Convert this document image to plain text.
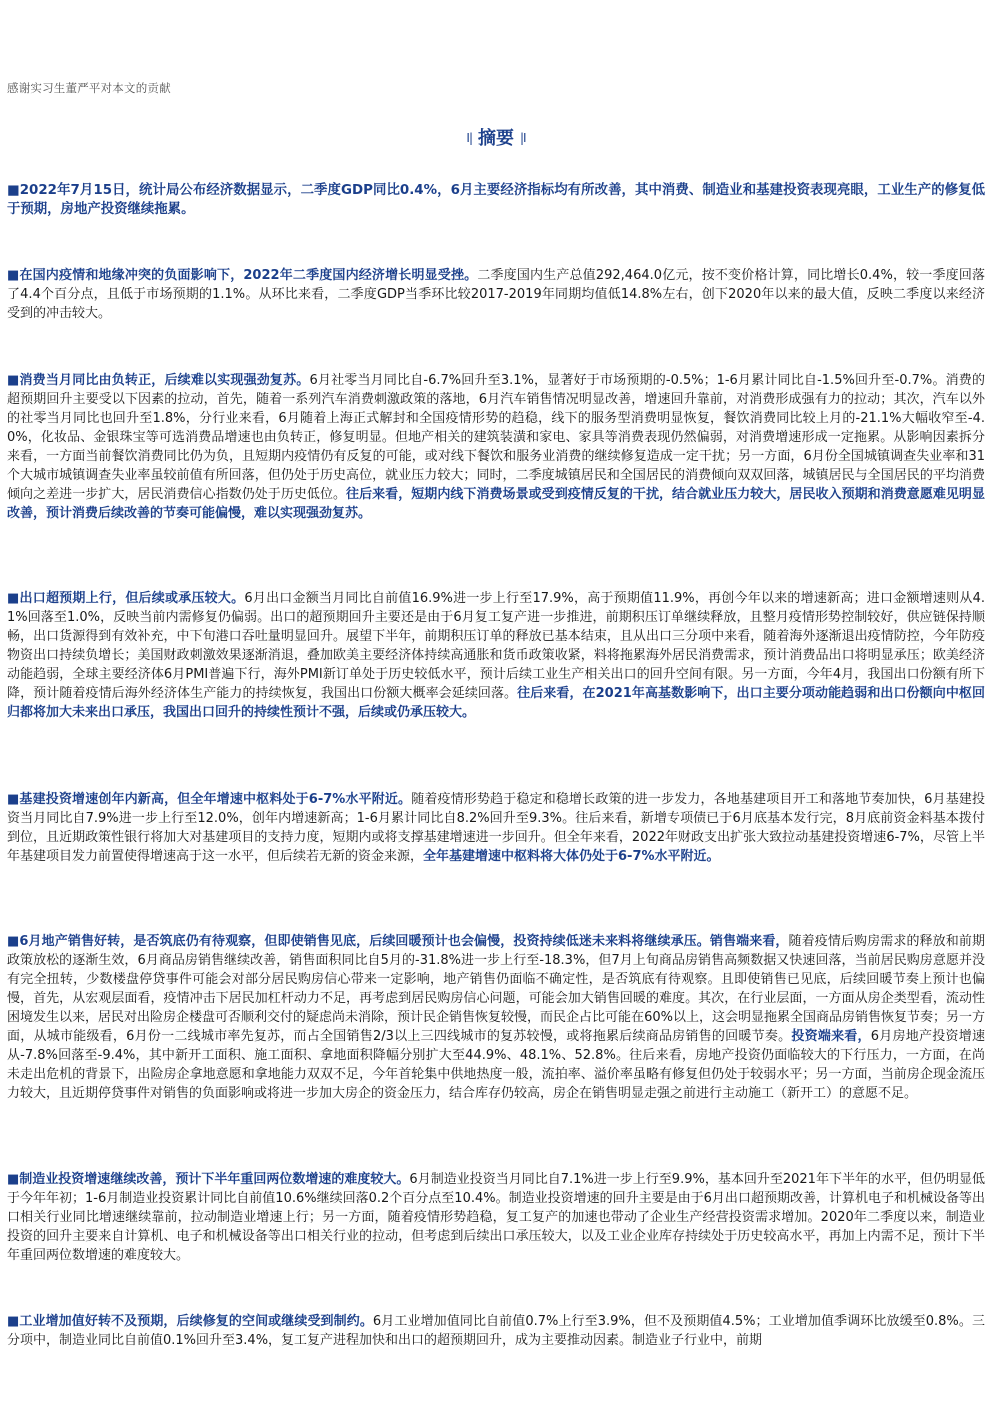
感谢实习生董严平对本文的贡献
I| 摘要 |I

■2022年7月15日，统计局公布经济数据显示，二季度GDP同比0.4%，6月主要经济指标均有所改善，其中消费、制造业和基建投资表现亮眼，工业生产的修复低于预期，房地产投资继续拖累。

■在国内疫情和地缘冲突的负面影响下，2022年二季度国内经济增长明显受挫。二季度国内生产总值292,464.0亿元，按不变价格计算，同比增长0.4%，较一季度回落了4.4个百分点，且低于市场预期的1.1%。从环比来看，二季度GDP当季环比较2017-2019年同期均值低14.8%左右，创下2020年以来的最大值，反映二季度以来经济受到的冲击较大。

■消费当月同比由负转正，后续难以实现强劲复苏。6月社零当月同比自-6.7%回升至3.1%，显著好于市场预期的-0.5%；1-6月累计同比自-1.5%回升至-0.7%。消费的超预期回升主要受以下因素的拉动，首先，随着一系列汽车消费刺激政策的落地，6月汽车销售情况明显改善，增速回升靠前，对消费形成强有力的拉动；其次，汽车以外的社零当月同比也回升至1.8%，分行业来看，6月随着上海正式解封和全国疫情形势的趋稳，线下的服务型消费明显恢复，餐饮消费同比较上月的-21.1%大幅收窄至-4.0%，化妆品、金银珠宝等可选消费品增速也由负转正，修复明显。但地产相关的建筑装潢和家电、家具等消费表现仍然偏弱，对消费增速形成一定拖累。从影响因素拆分来看，一方面当前餐饮消费同比仍为负，且短期内疫情仍有反复的可能，或对线下餐饮和服务业消费的继续修复造成一定干扰；另一方面，6月份全国城镇调查失业率和31个大城市城镇调查失业率虽较前值有所回落，但仍处于历史高位，就业压力较大；同时，二季度城镇居民和全国居民的消费倾向双双回落，城镇居民与全国居民的平均消费倾向之差进一步扩大，居民消费信心指数仍处于历史低位。往后来看，短期内线下消费场景或受到疫情反复的干扰，结合就业压力较大，居民收入预期和消费意愿难见明显改善，预计消费后续改善的节奏可能偏慢，难以实现强劲复苏。

■出口超预期上行，但后续或承压较大。6月出口金额当月同比自前值16.9%进一步上行至17.9%，高于预期值11.9%，再创今年以来的增速新高；进口金额增速则从4.1%回落至1.0%，反映当前内需修复仍偏弱。出口的超预期回升主要还是由于6月复工复产进一步推进，前期积压订单继续释放，且整月疫情形势控制较好，供应链保持顺畅，出口货源得到有效补充，中下旬港口吞吐量明显回升。展望下半年，前期积压订单的释放已基本结束，且从出口三分项中来看，随着海外逐渐退出疫情防控，今年防疫物资出口持续负增长；美国财政刺激效果逐渐消退，叠加欧美主要经济体持续高通胀和货币政策收紧，料将拖累海外居民消费需求，预计消费品出口将明显承压；欧美经济动能趋弱，全球主要经济体6月PMI普遍下行，海外PMI新订单处于历史较低水平，预计后续工业生产相关出口的回升空间有限。另一方面，今年4月，我国出口份额有所下降，预计随着疫情后海外经济体生产能力的持续恢复，我国出口份额大概率会延续回落。往后来看，在2021年高基数影响下，出口主要分项动能趋弱和出口份额向中枢回归都将加大未来出口承压，我国出口回升的持续性预计不强，后续或仍承压较大。

■基建投资增速创年内新高，但全年增速中枢料处于6-7%水平附近。随着疫情形势趋于稳定和稳增长政策的进一步发力，各地基建项目开工和落地节奏加快，6月基建投资当月同比自7.9%进一步上行至12.0%，创年内增速新高；1-6月累计同比自8.2%回升至9.3%。往后来看，新增专项债已于6月底基本发行完，8月底前资金料基本拨付到位，且近期政策性银行将加大对基建项目的支持力度，短期内或将支撑基建增速进一步回升。但全年来看，2022年财政支出扩张大致拉动基建投资增速6-7%，尽管上半年基建项目发力前置使得增速高于这一水平，但后续若无新的资金来源，全年基建增速中枢料将大体仍处于6-7%水平附近。

■6月地产销售好转，是否筑底仍有待观察，但即使销售见底，后续回暖预计也会偏慢，投资持续低迷未来料将继续承压。销售端来看，随着疫情后购房需求的释放和前期政策放松的逐渐生效，6月商品房销售继续改善，销售面积同比自5月的-31.8%进一步上行至-18.3%，但7月上旬商品房销售高频数据又快速回落，当前居民购房意愿并没有完全扭转，少数楼盘停贷事件可能会对部分居民购房信心带来一定影响，地产销售仍面临不确定性，是否筑底有待观察。且即使销售已见底，后续回暖节奏上预计也偏慢，首先，从宏观层面看，疫情冲击下居民加杠杆动力不足，再考虑到居民购房信心问题，可能会加大销售回暖的难度。其次，在行业层面，一方面从房企类型看，流动性困境发生以来，居民对出险房企楼盘可否顺利交付的疑虑尚未消除，预计民企销售恢复较慢，而民企占比可能在60%以上，这会明显拖累全国商品房销售恢复节奏；另一方面，从城市能级看，6月份一二线城市率先复苏，而占全国销售2/3以上三四线城市的复苏较慢，或将拖累后续商品房销售的回暖节奏。投资端来看，6月房地产投资增速从-7.8%回落至-9.4%，其中新开工面积、施工面积、拿地面积降幅分别扩大至44.9%、48.1%、52.8%。往后来看，房地产投资仍面临较大的下行压力，一方面，在尚未走出危机的背景下，出险房企拿地意愿和拿地能力双双不足，今年首轮集中供地热度一般，流拍率、溢价率虽略有修复但仍处于较弱水平；另一方面，当前房企现金流压力较大，且近期停贷事件对销售的负面影响或将进一步加大房企的资金压力，结合库存仍较高，房企在销售明显走强之前进行主动施工（新开工）的意愿不足。

■制造业投资增速继续改善，预计下半年重回两位数增速的难度较大。6月制造业投资当月同比自7.1%进一步上行至9.9%，基本回升至2021年下半年的水平，但仍明显低于今年年初；1-6月制造业投资累计同比自前值10.6%继续回落0.2个百分点至10.4%。制造业投资增速的回升主要是由于6月出口超预期改善，计算机电子和机械设备等出口相关行业同比增速继续靠前，拉动制造业增速上行；另一方面，随着疫情形势趋稳，复工复产的加速也带动了企业生产经营投资需求增加。2020年二季度以来，制造业投资的回升主要来自计算机、电子和机械设备等出口相关行业的拉动，但考虑到后续出口承压较大，以及工业企业库存持续处于历史较高水平，再加上内需不足，预计下半年重回两位数增速的难度较大。

■工业增加值好转不及预期，后续修复的空间或继续受到制约。6月工业增加值同比自前值0.7%上行至3.9%，但不及预期值4.5%；工业增加值季调环比放缓至0.8%。三分项中，制造业同比自前值0.1%回升至3.4%，复工复产进程加快和出口的超预期回升，成为主要推动因素。制造业子行业中，前期
